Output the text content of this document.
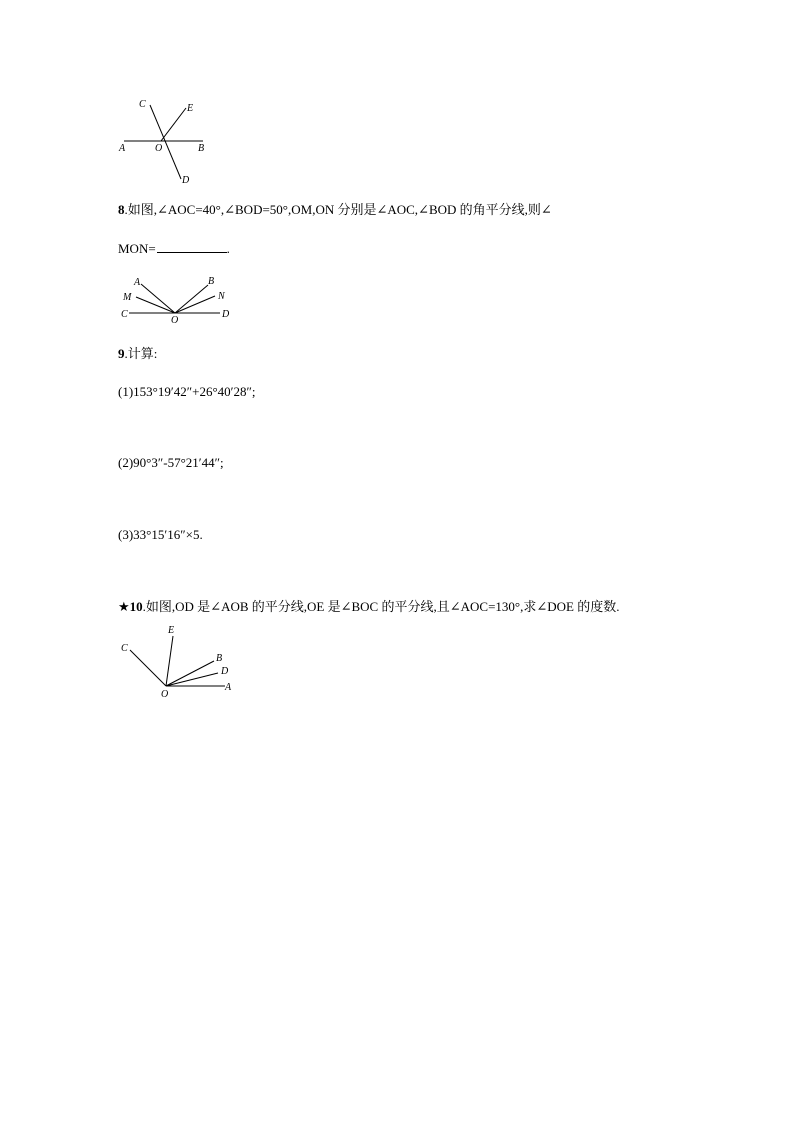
C	E
A	O	B
D
8.如图,∠AOC=40°,∠BOD=50°,OM,ON 分别是∠AOC,∠BOD 的角平分线,则∠
MON=	.
A	B
M	N
C
O
D
9.计算:
(1)153°19′42″+26°40′28″;
(2)90°3″-57°21′44″;
(3)33°15′16″×5.
★10.如图,OD 是∠AOB 的平分线,OE 是∠BOC 的平分线,且∠AOC=130°,求∠DOE 的度数.
C
E
B
D
O
A
